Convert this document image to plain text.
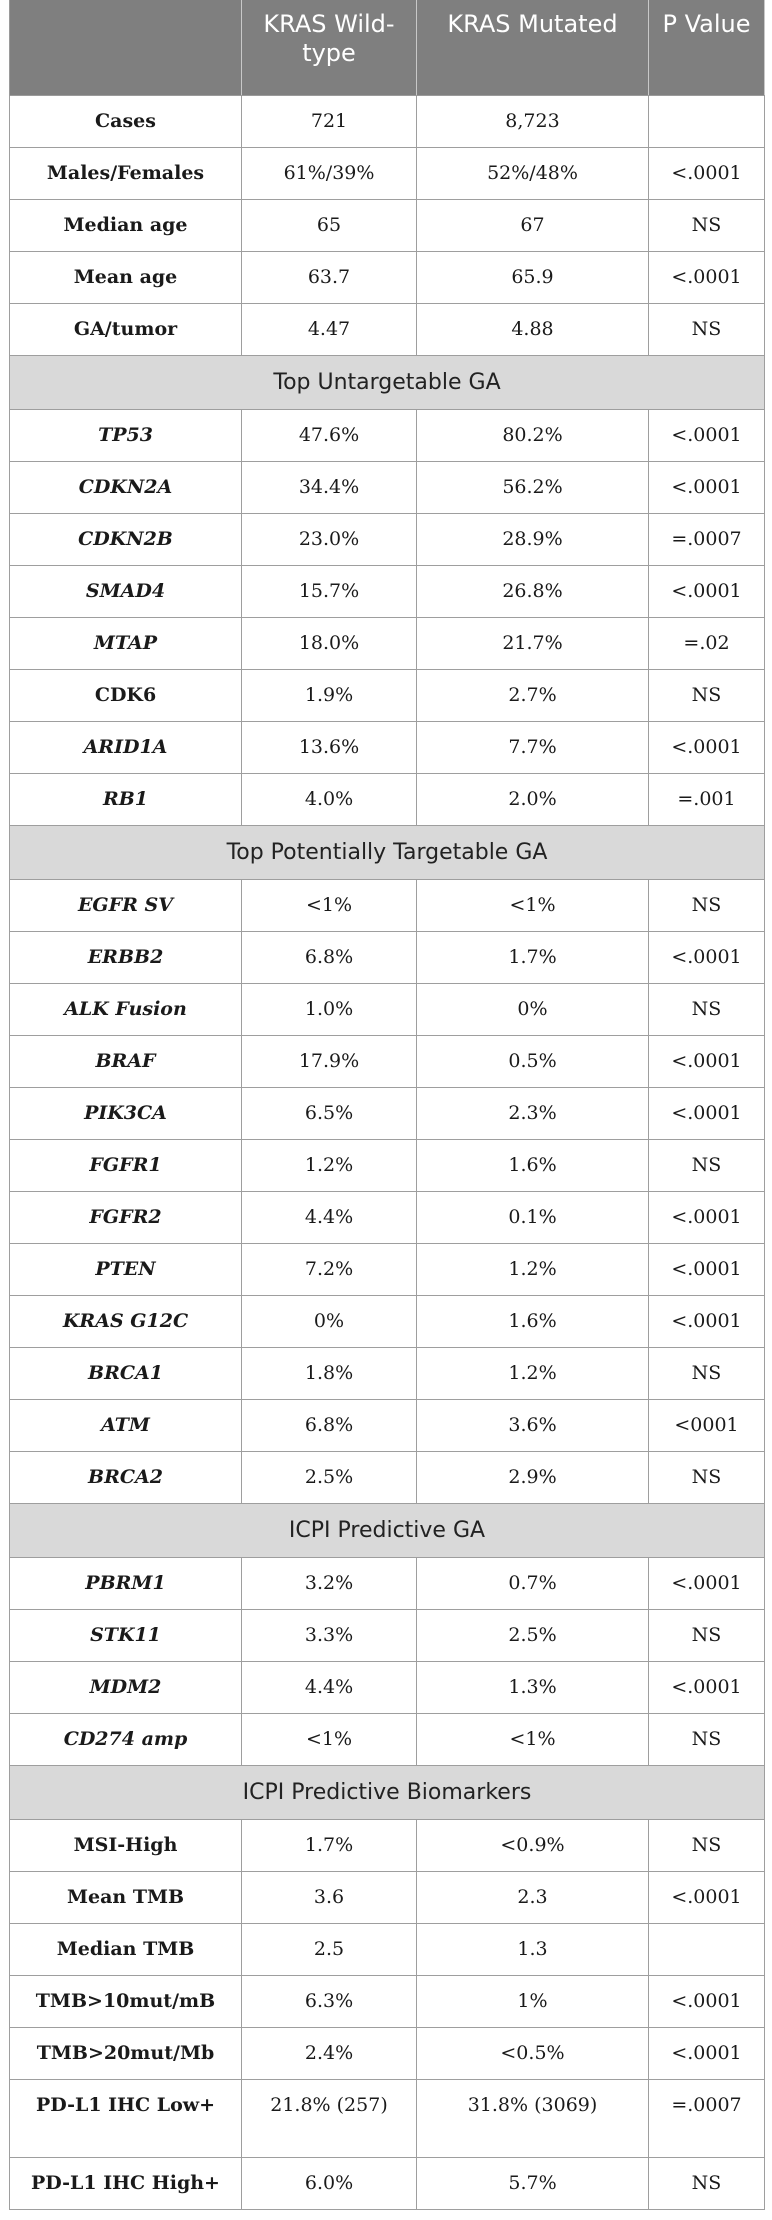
	KRAS Wild-type	KRAS Mutated	P Value
Cases	721	8,723	
Males/Females	61%/39%	52%/48%	<.0001
Median age	65	67	NS
Mean age	63.7	65.9	<.0001
GA/tumor	4.47	4.88	NS
Top Untargetable GA			
TP53	47.6%	80.2%	<.0001
CDKN2A	34.4%	56.2%	<.0001
CDKN2B	23.0%	28.9%	=.0007
SMAD4	15.7%	26.8%	<.0001
MTAP	18.0%	21.7%	=.02
CDK6	1.9%	2.7%	NS
ARID1A	13.6%	7.7%	<.0001
RB1	4.0%	2.0%	=.001
Top Potentially Targetable GA			
EGFR SV	<1%	<1%	NS
ERBB2	6.8%	1.7%	<.0001
ALK Fusion	1.0%	0%	NS
BRAF	17.9%	0.5%	<.0001
PIK3CA	6.5%	2.3%	<.0001
FGFR1	1.2%	1.6%	NS
FGFR2	4.4%	0.1%	<.0001
PTEN	7.2%	1.2%	<.0001
KRAS G12C	0%	1.6%	<.0001
BRCA1	1.8%	1.2%	NS
ATM	6.8%	3.6%	<0001
BRCA2	2.5%	2.9%	NS
ICPI Predictive GA			
PBRM1	3.2%	0.7%	<.0001
STK11	3.3%	2.5%	NS
MDM2	4.4%	1.3%	<.0001
CD274 amp	<1%	<1%	NS
ICPI Predictive Biomarkers			
MSI-High	1.7%	<0.9%	NS
Mean TMB	3.6	2.3	<.0001
Median TMB	2.5	1.3	
TMB>10mut/mB	6.3%	1%	<.0001
TMB>20mut/Mb	2.4%	<0.5%	<.0001
PD-L1 IHC Low+	21.8% (257)	31.8% (3069)	=.0007
PD-L1 IHC High+	6.0%	5.7%	NS
